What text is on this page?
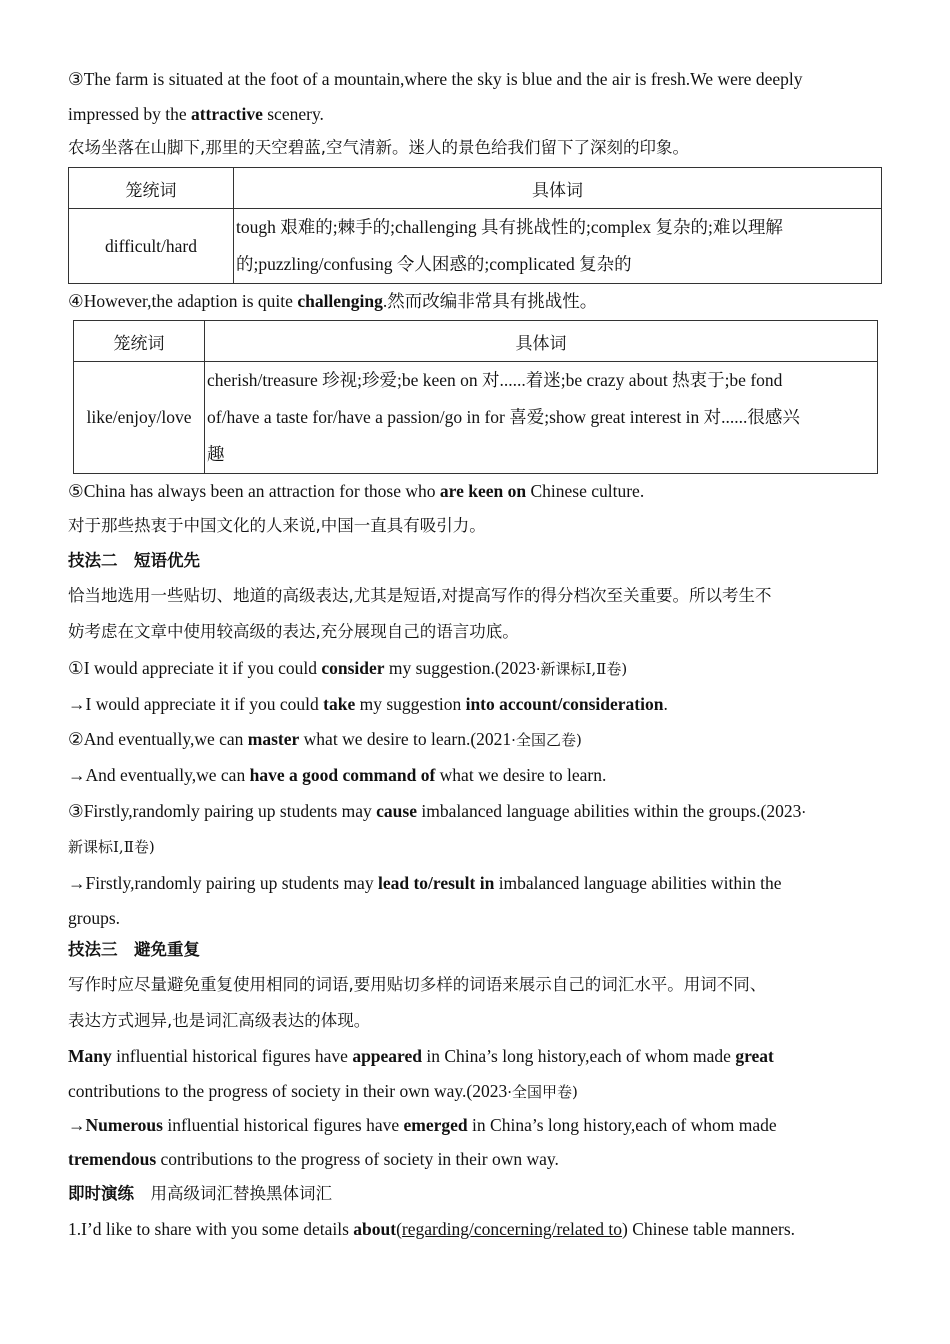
③The farm is situated at the foot of a mountain,where the sky is blue and the air is fresh.We were deeply
impressed by the attractive scenery.
农场坐落在山脚下,那里的天空碧蓝,空气清新。迷人的景色给我们留下了深刻的印象。
笼统词	具体词
difficult/hard	tough 艰难的;棘手的;challenging 具有挑战性的;complex 复杂的;难以理解
的;puzzling/confusing 令人困惑的;complicated 复杂的
④However,the adaption is quite challenging.然而改编非常具有挑战性。
笼统词	具体词
like/enjoy/love	cherish/treasure 珍视;珍爱;be keen on 对......着迷;be crazy about 热衷于;be fond
of/have a taste for/have a passion/go in for 喜爱;show great interest in 对......很感兴
趣
⑤China has always been an attraction for those who are keen on Chinese culture.
对于那些热衷于中国文化的人来说,中国一直具有吸引力。
技法二　短语优先
恰当地选用一些贴切、地道的高级表达,尤其是短语,对提高写作的得分档次至关重要。所以考生不
妨考虑在文章中使用较高级的表达,充分展现自己的语言功底。
①I would appreciate it if you could consider my suggestion.(2023·新课标Ⅰ,Ⅱ卷)
→I would appreciate it if you could take my suggestion into account/consideration.
②And eventually,we can master what we desire to learn.(2021·全国乙卷)
→And eventually,we can have a good command of what we desire to learn.
③Firstly,randomly pairing up students may cause imbalanced language abilities within the groups.(2023·
新课标Ⅰ,Ⅱ卷)
→Firstly,randomly pairing up students may lead to/result in imbalanced language abilities within the
groups.
技法三　避免重复
写作时应尽量避免重复使用相同的词语,要用贴切多样的词语来展示自己的词汇水平。用词不同、
表达方式迥异,也是词汇高级表达的体现。
Many influential historical figures have appeared in China’s long history,each of whom made great
contributions to the progress of society in their own way.(2023·全国甲卷)
→Numerous influential historical figures have emerged in China’s long history,each of whom made
tremendous contributions to the progress of society in their own way.
即时演练　用高级词汇替换黑体词汇
1.I’d like to share with you some details about(regarding/concerning/related to) Chinese table manners.
